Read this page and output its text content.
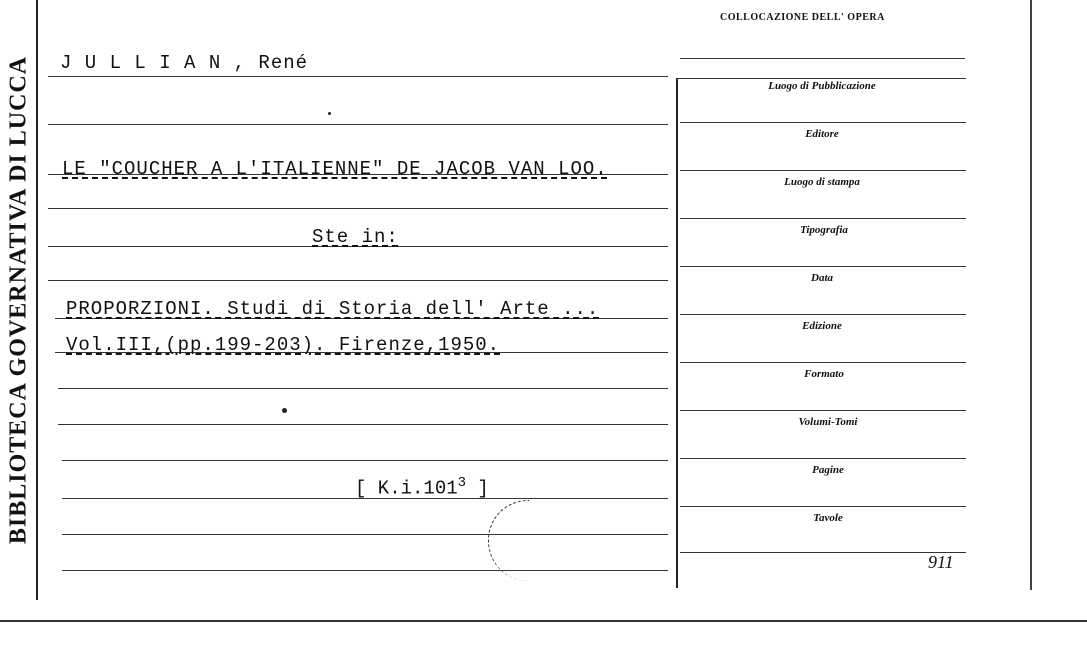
BIBLIOTECA GOVERNATIVA DI LUCCA
COLLOCAZIONE DELL' OPERA
Luogo di Pubblicazione
Editore
Luogo di stampa
Tipografia
Data
Edizione
Formato
Volumi-Tomi
Pagine
Tavole
J U L L I A N , René
LE "COUCHER A L'ITALIENNE" DE JACOB VAN LOO.
Ste in:
PROPORZIONI. Studi di Storia dell' Arte ...
Vol.III,(pp.199-203). Firenze,1950.
[ K.i.101$^3$ ]
911
